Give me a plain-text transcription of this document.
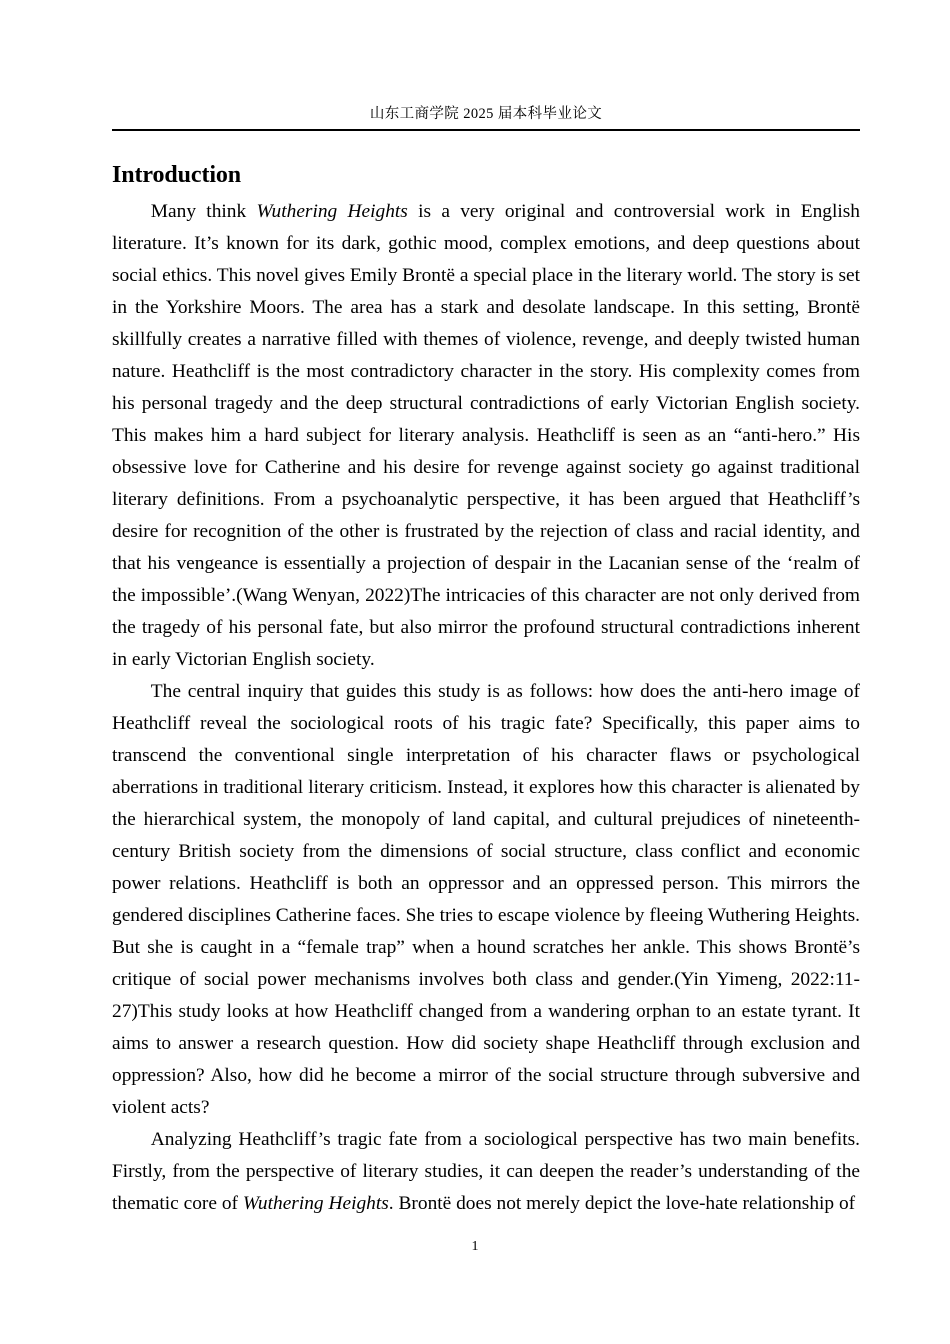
山东工商学院 2025 届本科毕业论文
Introduction

Many think Wuthering Heights is a very original and controversial work in English literature. It’s known for its dark, gothic mood, complex emotions, and deep questions about social ethics. This novel gives Emily Brontë a special place in the literary world. The story is set in the Yorkshire Moors. The area has a stark and desolate landscape. In this setting, Brontë skillfully creates a narrative filled with themes of violence, revenge, and deeply twisted human nature. Heathcliff is the most contradictory character in the story. His complexity comes from his personal tragedy and the deep structural contradictions of early Victorian English society. This makes him a hard subject for literary analysis. Heathcliff is seen as an “anti-hero.” His obsessive love for Catherine and his desire for revenge against society go against traditional literary definitions. From a psychoanalytic perspective, it has been argued that Heathcliff’s desire for recognition of the other is frustrated by the rejection of class and racial identity, and that his vengeance is essentially a projection of despair in the Lacanian sense of the ‘realm of the impossible’.(Wang Wenyan, 2022)The intricacies of this character are not only derived from the tragedy of his personal fate, but also mirror the profound structural contradictions inherent in early Victorian English society.

The central inquiry that guides this study is as follows: how does the anti-hero image of Heathcliff reveal the sociological roots of his tragic fate? Specifically, this paper aims to transcend the conventional single interpretation of his character flaws or psychological aberrations in traditional literary criticism. Instead, it explores how this character is alienated by the hierarchical system, the monopoly of land capital, and cultural prejudices of nineteenth-century British society from the dimensions of social structure, class conflict and economic power relations. Heathcliff is both an oppressor and an oppressed person. This mirrors the gendered disciplines Catherine faces. She tries to escape violence by fleeing Wuthering Heights. But she is caught in a “female trap” when a hound scratches her ankle. This shows Brontë’s critique of social power mechanisms involves both class and gender.(Yin Yimeng, 2022:11-27)This study looks at how Heathcliff changed from a wandering orphan to an estate tyrant. It aims to answer a research question. How did society shape Heathcliff through exclusion and oppression? Also, how did he become a mirror of the social structure through subversive and violent acts?

Analyzing Heathcliff’s tragic fate from a sociological perspective has two main benefits. Firstly, from the perspective of literary studies, it can deepen the reader’s understanding of the thematic core of Wuthering Heights. Brontë does not merely depict the love-hate relationship of

1
